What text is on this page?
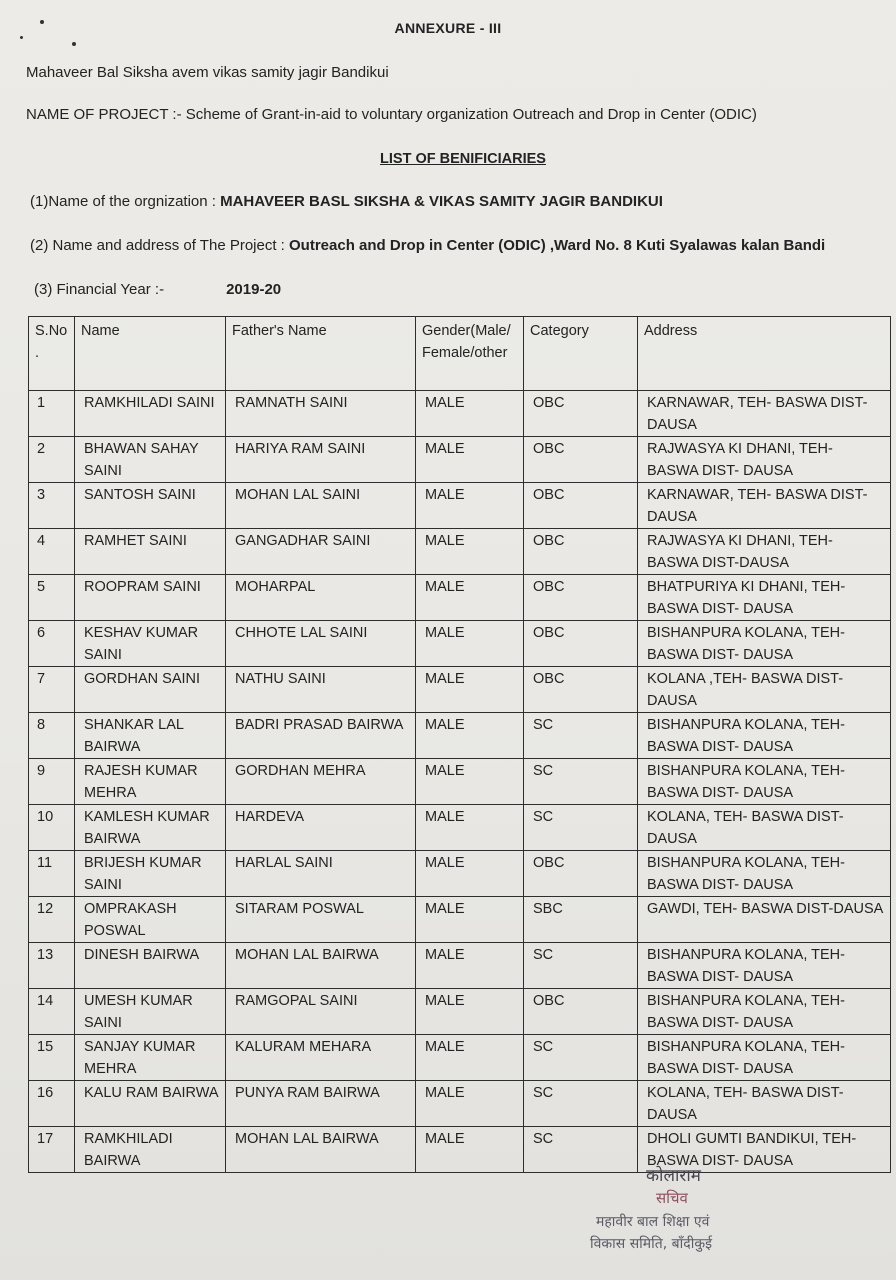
ANNEXURE - III
Mahaveer Bal Siksha avem vikas samity jagir Bandikui
NAME OF PROJECT :- Scheme of Grant-in-aid to voluntary organization Outreach and Drop in Center (ODIC)
LIST OF BENIFICIARIES
(1)Name of the orgnization : MAHAVEER BASL SIKSHA & VIKAS SAMITY JAGIR BANDIKUI
(2) Name and address of The Project : Outreach and Drop in Center (ODIC) ,Ward No. 8 Kuti Syalawas kalan Bandi
(3) Financial Year :-	2019-20
S.No.	Name	Father's Name	Gender(Male/Female/other	Category	Address
1	RAMKHILADI SAINI	RAMNATH SAINI	MALE	OBC	KARNAWAR, TEH- BASWA DIST-DAUSA
2	BHAWAN SAHAY SAINI	HARIYA RAM SAINI	MALE	OBC	RAJWASYA KI DHANI, TEH-BASWA DIST- DAUSA
3	SANTOSH SAINI	MOHAN LAL SAINI	MALE	OBC	KARNAWAR, TEH- BASWA DIST-DAUSA
4	RAMHET SAINI	GANGADHAR SAINI	MALE	OBC	RAJWASYA KI DHANI, TEH-BASWA DIST-DAUSA
5	ROOPRAM SAINI	MOHARPAL	MALE	OBC	BHATPURIYA KI DHANI, TEH-BASWA DIST- DAUSA
6	KESHAV KUMAR SAINI	CHHOTE LAL SAINI	MALE	OBC	BISHANPURA KOLANA, TEH-BASWA DIST- DAUSA
7	GORDHAN SAINI	NATHU SAINI	MALE	OBC	KOLANA ,TEH- BASWA DIST-DAUSA
8	SHANKAR LAL BAIRWA	BADRI PRASAD BAIRWA	MALE	SC	BISHANPURA KOLANA, TEH-BASWA DIST- DAUSA
9	RAJESH KUMAR MEHRA	GORDHAN MEHRA	MALE	SC	BISHANPURA KOLANA, TEH-BASWA DIST- DAUSA
10	KAMLESH KUMAR BAIRWA	HARDEVA	MALE	SC	KOLANA, TEH- BASWA DIST-DAUSA
11	BRIJESH KUMAR SAINI	HARLAL SAINI	MALE	OBC	BISHANPURA KOLANA, TEH-BASWA DIST- DAUSA
12	OMPRAKASH POSWAL	SITARAM POSWAL	MALE	SBC	GAWDI, TEH- BASWA DIST-DAUSA
13	DINESH BAIRWA	MOHAN LAL BAIRWA	MALE	SC	BISHANPURA KOLANA, TEH-BASWA DIST- DAUSA
14	UMESH KUMAR SAINI	RAMGOPAL SAINI	MALE	OBC	BISHANPURA KOLANA, TEH-BASWA DIST- DAUSA
15	SANJAY KUMAR MEHRA	KALURAM MEHARA	MALE	SC	BISHANPURA KOLANA, TEH-BASWA DIST- DAUSA
16	KALU RAM BAIRWA	PUNYA RAM BAIRWA	MALE	SC	KOLANA, TEH- BASWA DIST-DAUSA
17	RAMKHILADI BAIRWA	MOHAN LAL BAIRWA	MALE	SC	DHOLI GUMTI BANDIKUI, TEH-BASWA DIST- DAUSA
कोलाराम
सचिव
महावीर बाल शिक्षा एवं
विकास समिति, बाँदीकुई
